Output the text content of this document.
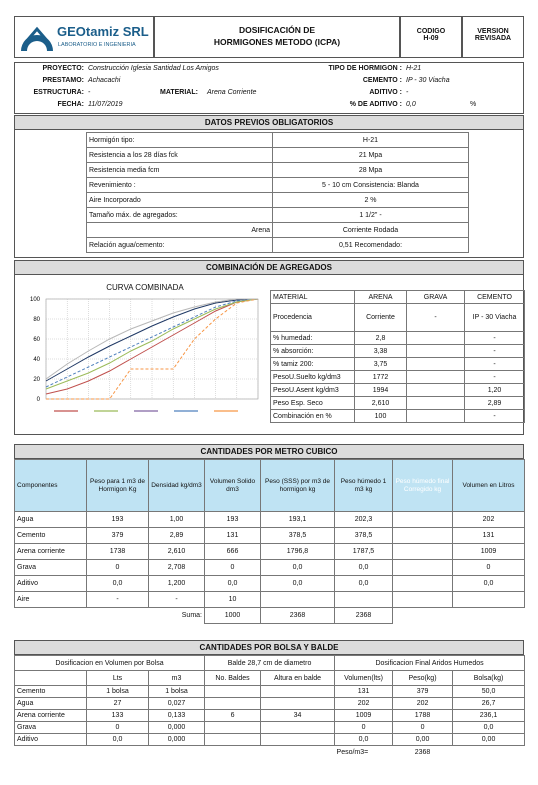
GEOtamiz SRL
LABORATORIO E INGENIERIA
DOSIFICACIÓN DE
HORMIGONES METODO (ICPA)
CODIGO
H-09
VERSION
REVISADA
PROYECTO: Construcción Iglesia Santidad Los Amigos
PRESTAMO: Achacachi
ESTRUCTURA: -	MATERIAL: Arena Corriente
FECHA: 11/07/2019
TIPO DE HORMIGON : H-21
CEMENTO : IP - 30 Viacha
ADITIVO : -
% DE ADITIVO : 0,0	%
DATOS PREVIOS OBLIGATORIOS
Hormigón tipo:	H-21
Resistencia a los 28 días fck	21 Mpa
Resistencia media fcm	28 Mpa
Revenimiento :	5 - 10 cm Consistencia: Blanda
Aire Incorporado	2 %
Tamaño máx. de agregados:	1 1/2" -
Arena	Corriente Rodada
Relación agua/cemento:	0,51 Recomendado:
COMBINACIÓN DE AGREGADOS
CURVA COMBINADA
0
20
40
60
80
100	MATERIAL	ARENA	GRAVA	CEMENTO
Procedencia	Corriente	-	IP - 30 Viacha
% humedad:	2,8		-
% absorción:	3,38		-
% tamiz 200:	3,75		-
PesoU.Suelto kg/dm3	1772		-
PesoU.Asent kg/dm3	1994		1,20
Peso Esp. Seco	2,610		2,89
Combinación en %	100		-
CANTIDADES POR METRO CUBICO
Componentes	Peso para 1 m3 de Hormigon Kg	Densidad kg/dm3	Volumen Solido dm3	Peso (SSS) por m3 de hormigon kg	Peso húmedo 1 m3 kg	Peso húmedo final Corregido kg	Volumen en Litros
Agua	193	1,00	193	193,1	202,3		202
Cemento	379	2,89	131	378,5	378,5		131
Arena corriente	1738	2,610	666	1796,8	1787,5		1009
Grava	0	2,708	0	0,0	0,0		0
Aditivo	0,0	1,200	0,0	0,0	0,0		0,0
Aire	-	-	10				
		Suma:	1000	2368	2368		
CANTIDADES POR BOLSA Y BALDE
Dosificacion en Volumen por Bolsa			Balde 28,7 cm de diametro		Dosificacion Final Aridos Humedos		
	Lts	m3	No. Baldes	Altura en balde	Volumen(lts)	Peso(kg)	Bolsa(kg)
Cemento	1 bolsa	1 bolsa			131	379	50,0
Agua	27	0,027			202	202	26,7
Arena corriente	133	0,133	6	34	1009	1788	236,1
Grava	0	0,000			0	0	0,0
Aditivo	0,0	0,000			0,0	0,00	0,00
					Peso/m3=	2368	
